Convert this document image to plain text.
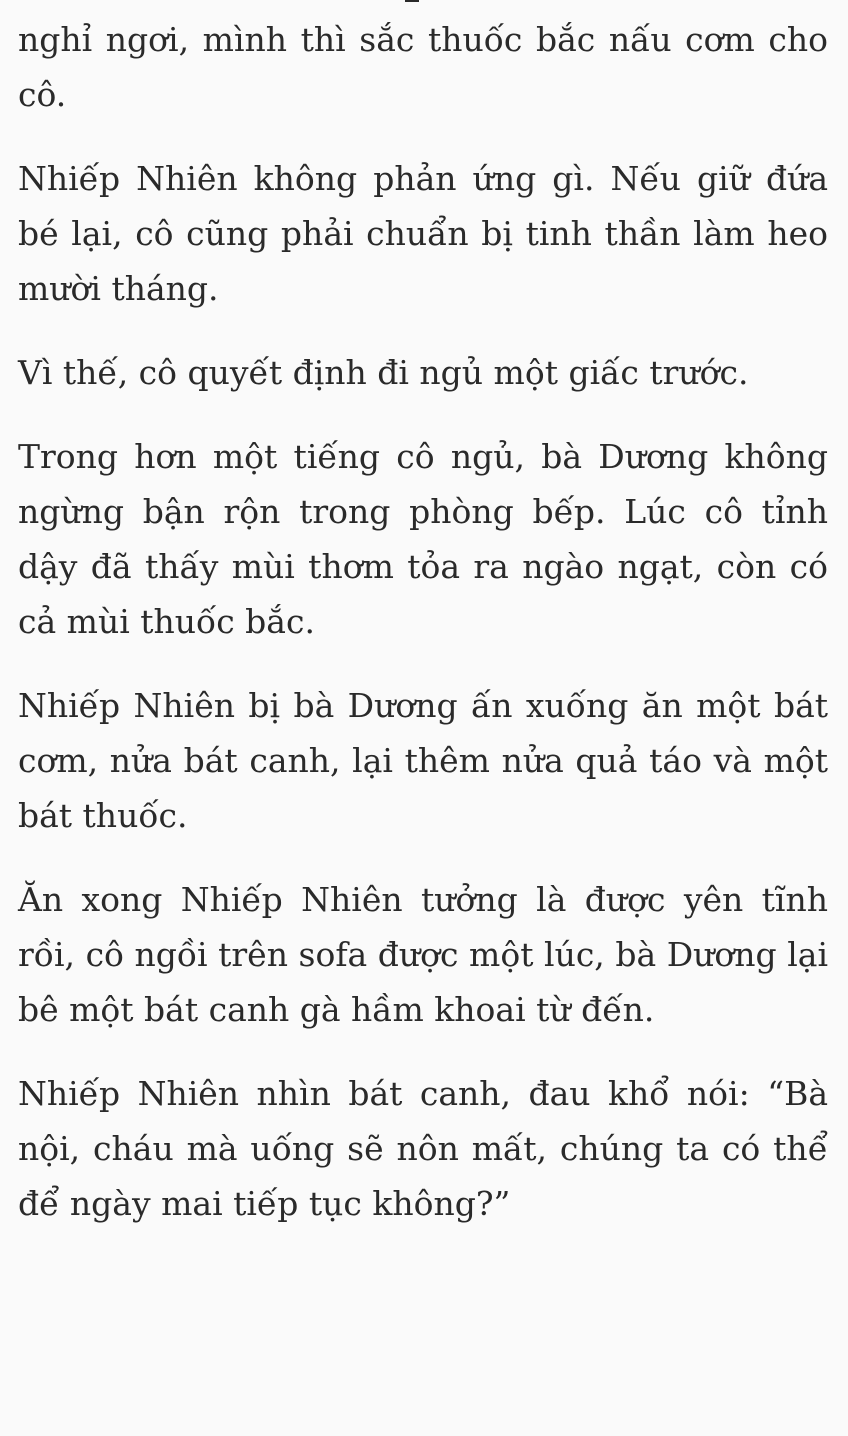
nghỉ ngơi, mình thì sắc thuốc bắc nấu cơm cho cô.

Nhiếp Nhiên không phản ứng gì. Nếu giữ đứa bé lại, cô cũng phải chuẩn bị tinh thần làm heo mười tháng.

Vì thế, cô quyết định đi ngủ một giấc trước.

Trong hơn một tiếng cô ngủ, bà Dương không ngừng bận rộn trong phòng bếp. Lúc cô tỉnh dậy đã thấy mùi thơm tỏa ra ngào ngạt, còn có cả mùi thuốc bắc.

Nhiếp Nhiên bị bà Dương ấn xuống ăn một bát cơm, nửa bát canh, lại thêm nửa quả táo và một bát thuốc.

Ăn xong Nhiếp Nhiên tưởng là được yên tĩnh rồi, cô ngồi trên sofa được một lúc, bà Dương lại bê một bát canh gà hầm khoai từ đến.

Nhiếp Nhiên nhìn bát canh, đau khổ nói: “Bà nội, cháu mà uống sẽ nôn mất, chúng ta có thể để ngày mai tiếp tục không?”
